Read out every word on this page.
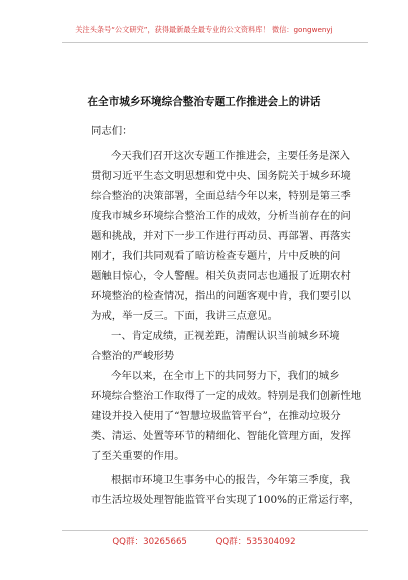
关注头条号“公文研究”，获得最新最全最专业的公文资料库！ 微信：gongwenyj
在全市城乡环境综合整治专题工作推进会上的讲话
同志们：
今天我们召开这次专题工作推进会，主要任务是深入
贯彻习近平生态文明思想和党中央、国务院关于城乡环境
综合整治的决策部署，全面总结今年以来，特别是第三季
度我市城乡环境综合整治工作的成效，分析当前存在的问
题和挑战，并对下一步工作进行再动员、再部署、再落实
刚才，我们共同观看了暗访检查专题片，片中反映的问
题触目惊心，令人警醒。相关负责同志也通报了近期农村
环境整治的检查情况，指出的问题客观中肯，我们要引以
为戒，举一反三。下面，我讲三点意见。
一、肯定成绩，正视差距，清醒认识当前城乡环境
合整治的严峻形势
今年以来，在全市上下的共同努力下，我们的城乡
环境综合整治工作取得了一定的成效。特别是我们创新性地
建设并投入使用了“智慧垃圾监管平台”，在推动垃圾分
类、清运、处置等环节的精细化、智能化管理方面，发挥
了至关重要的作用。
根据市环境卫生事务中心的报告，今年第三季度，我
市生活垃圾处理智能监管平台实现了100%的正常运行率，
QQ群：30265665	QQ群：535304092
